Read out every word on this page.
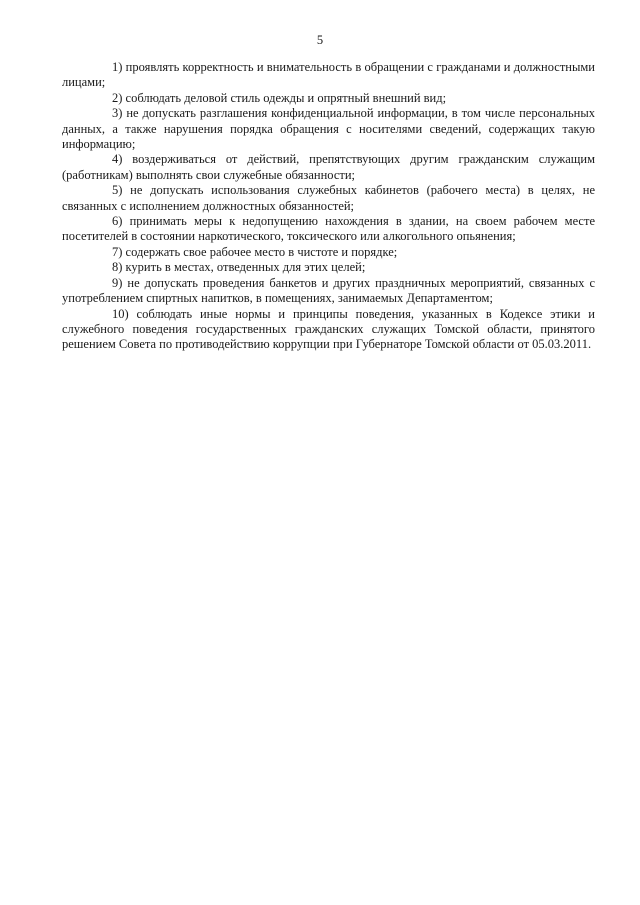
5

1) проявлять корректность и внимательность в обращении с гражданами и должностными лицами;

2) соблюдать деловой стиль одежды и опрятный внешний вид;

3) не допускать разглашения конфиденциальной информации, в том числе персональных данных, а также нарушения порядка обращения с носителями сведений, содержащих такую информацию;

4) воздерживаться от действий, препятствующих другим гражданским служащим (работникам) выполнять свои служебные обязанности;

5) не допускать использования служебных кабинетов (рабочего места) в целях, не связанных с исполнением должностных обязанностей;

6) принимать меры к недопущению нахождения в здании, на своем рабочем месте посетителей в состоянии наркотического, токсического или алкогольного опьянения;

7) содержать свое рабочее место в чистоте и порядке;

8) курить в местах, отведенных для этих целей;

9) не допускать проведения банкетов и других праздничных мероприятий, связанных с употреблением спиртных напитков, в помещениях, занимаемых Департаментом;

10) соблюдать иные нормы и принципы поведения, указанных в Кодексе этики и служебного поведения государственных гражданских служащих Томской области, принятого решением Совета по противодействию коррупции при Губернаторе Томской области от 05.03.2011.
